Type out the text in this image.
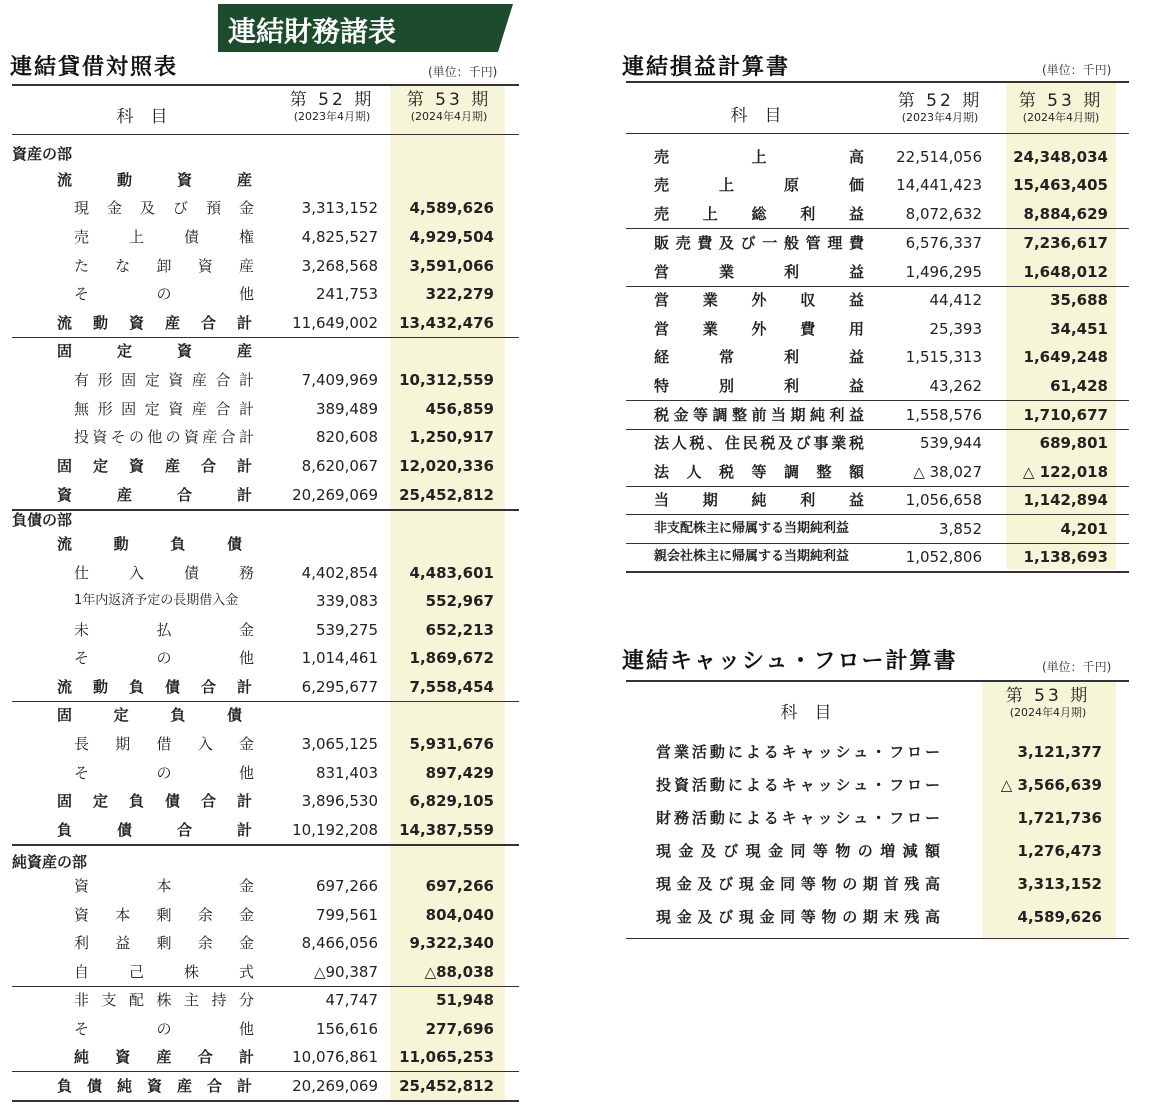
連結財務諸表
連結貸借対照表	(単位：千円)
科　目
第 52 期
(2023年4月期)
第 53 期
(2024年4月期)
資産の部
負債の部
純資産の部
流動資産
現金及び預金	3,313,152	4,589,626
売上債権	4,825,527	4,929,504
たな卸資産	3,268,568	3,591,066
その他	241,753	322,279
流動資産合計	11,649,002	13,432,476
固定資産
有形固定資産合計	7,409,969	10,312,559
無形固定資産合計	389,489	456,859
投資その他の資産合計	820,608	1,250,917
固定資産合計	8,620,067	12,020,336
資産合計	20,269,069	25,452,812
流動負債
仕入債務	4,402,854	4,483,601
1年内返済予定の長期借入金	339,083	552,967
未払金	539,275	652,213
その他	1,014,461	1,869,672
流動負債合計	6,295,677	7,558,454
固定負債
長期借入金	3,065,125	5,931,676
その他	831,403	897,429
固定負債合計	3,896,530	6,829,105
負債合計	10,192,208	14,387,559
資本金	697,266	697,266
資本剰余金	799,561	804,040
利益剰余金	8,466,056	9,322,340
自己株式	△90,387	△88,038
非支配株主持分	47,747	51,948
その他	156,616	277,696
純資産合計	10,076,861	11,065,253
負債純資産合計	20,269,069	25,452,812
連結損益計算書	(単位：千円)
科　目
第 52 期
(2023年4月期)
第 53 期
(2024年4月期)
売上高	22,514,056	24,348,034
売上原価	14,441,423	15,463,405
売上総利益	8,072,632	8,884,629
販売費及び一般管理費	6,576,337	7,236,617
営業利益	1,496,295	1,648,012
営業外収益	44,412	35,688
営業外費用	25,393	34,451
経常利益	1,515,313	1,649,248
特別利益	43,262	61,428
税金等調整前当期純利益	1,558,576	1,710,677
法人税、住民税及び事業税	539,944	689,801
法人税等調整額	△ 38,027	△ 122,018
当期純利益	1,056,658	1,142,894
非支配株主に帰属する当期純利益	3,852	4,201
親会社株主に帰属する当期純利益	1,052,806	1,138,693
連結キャッシュ・フロー計算書	(単位：千円)
科　目
第 53 期
(2024年4月期)
営業活動によるキャッシュ・フロー	3,121,377
投資活動によるキャッシュ・フロー	△ 3,566,639
財務活動によるキャッシュ・フロー	1,721,736
現金及び現金同等物の増減額	1,276,473
現金及び現金同等物の期首残高	3,313,152
現金及び現金同等物の期末残高	4,589,626
